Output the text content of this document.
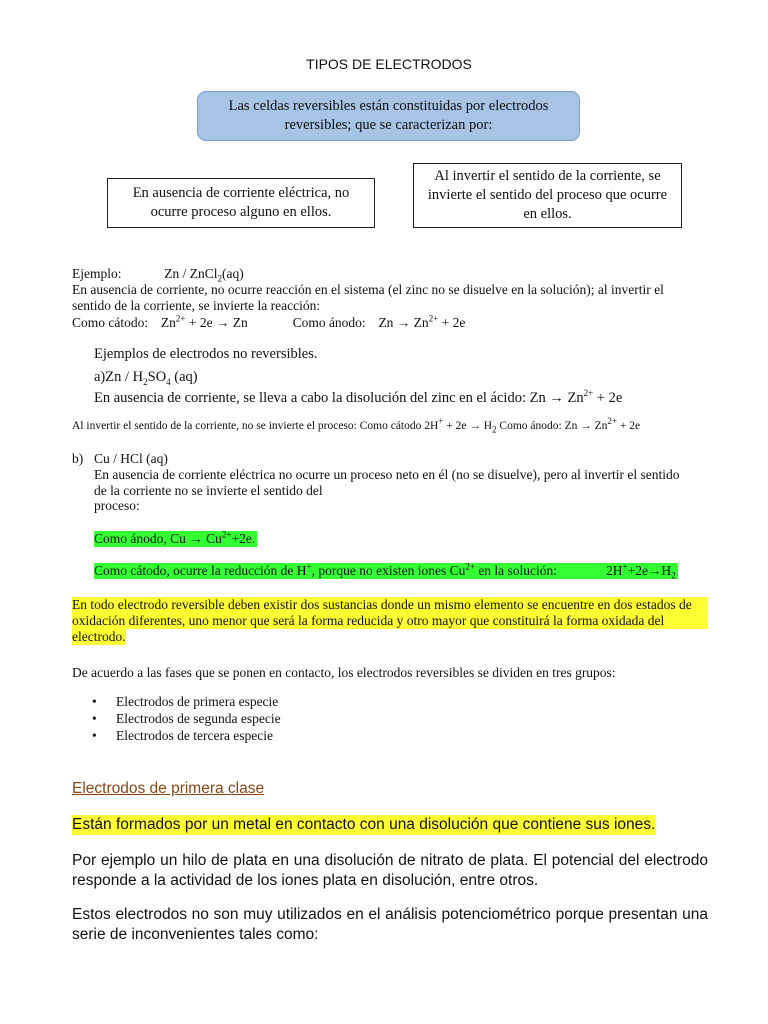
TIPOS DE ELECTRODOS
Las celdas reversibles están constituidas por electrodos reversibles; que se caracterizan por:
En ausencia de corriente eléctrica, no ocurre proceso alguno en ellos.
Al invertir el sentido de la corriente, se invierte el sentido del proceso que ocurre en ellos.
Ejemplo:	Zn / ZnCl$_2$(aq)
En ausencia de corriente, no ocurre reacción en el sistema (el zinc no se disuelve en la solución); al invertir el
sentido de la corriente, se invierte la reacción:
Como cátodo: $Zn^{2+} + 2e \to Zn$	Como ánodo: $Zn \to Zn^{2+} + 2e$
Ejemplos de electrodos no reversibles.
$a)Zn / H_2SO_4$ (aq)
En ausencia de corriente, se lleva a cabo la disolución del zinc en el ácido: $Zn \to Zn^{2+} + 2e$
Al invertir el sentido de la corriente, no se invierte el proceso: Como cátodo $2H^+ + 2e \to H_2$ Como ánodo: $Zn \to Zn^{2+} + 2e$
b) Cu / HCl (aq)
En ausencia de corriente eléctrica no ocurre un proceso neto en él (no se disuelve), pero al invertir el sentido
de la corriente no se invierte el sentido del
proceso:
Como ánodo, $Cu \to Cu^{2+}+2e$.
Como cátodo, ocurre la reducción de H+, porque no existen iones $Cu^{2+}$ en la solución:	$2H^++2e\to H_2$
En todo electrodo reversible deben existir dos sustancias donde un mismo elemento se encuentre en dos estados de
oxidación diferentes, uno menor que será la forma reducida y otro mayor que constituirá la forma oxidada del
electrodo.
De acuerdo a las fases que se ponen en contacto, los electrodos reversibles se dividen en tres grupos:
• Electrodos de primera especie
• Electrodos de segunda especie
• Electrodos de tercera especie
Electrodos de primera clase
Están formados por un metal en contacto con una disolución que contiene sus iones.
Por ejemplo un hilo de plata en una disolución de nitrato de plata. El potencial del electrodo
responde a la actividad de los iones plata en disolución, entre otros.
Estos electrodos no son muy utilizados en el análisis potenciométrico porque presentan una
serie de inconvenientes tales como:
